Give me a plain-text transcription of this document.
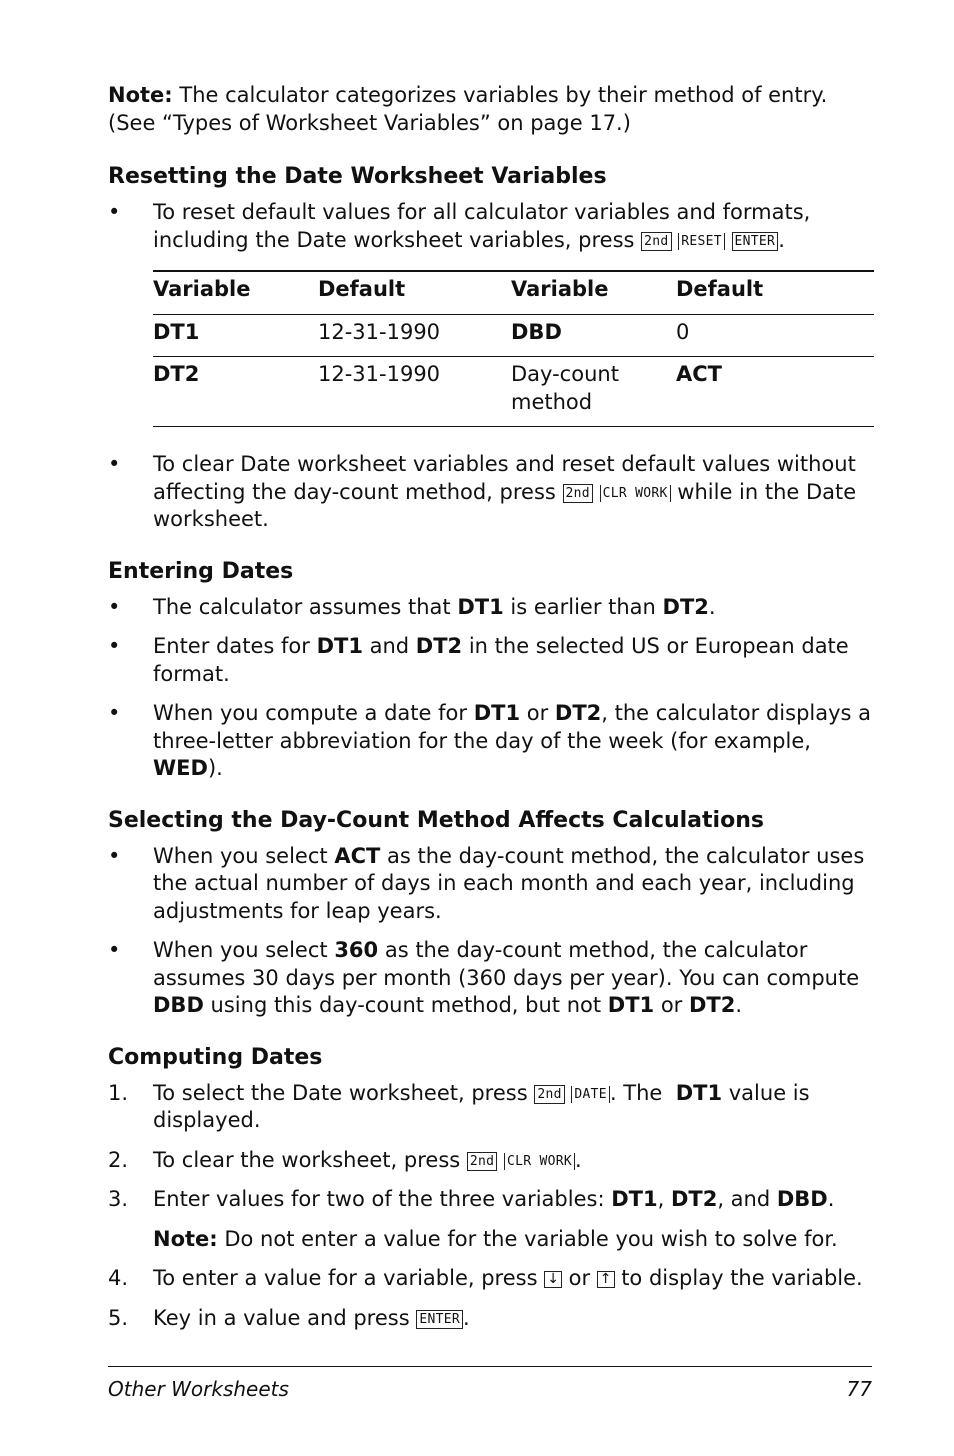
Note: The calculator categorizes variables by their method of entry. (See “Types of Worksheet Variables” on page 17.)

Resetting the Date Worksheet Variables
• To reset default values for all calculator variables and formats, including the Date worksheet variables, press 2nd RESET ENTER .
Variable	Default	Variable	Default
DT1	12-31-1990	DBD	0
DT2	12-31-1990	Day-count method	ACT
• To clear Date worksheet variables and reset default values without affecting the day-count method, press 2nd CLR WORK while in the Date worksheet.
Entering Dates
• The calculator assumes that DT1 is earlier than DT2.
• Enter dates for DT1 and DT2 in the selected US or European date format.
• When you compute a date for DT1 or DT2, the calculator displays a three-letter abbreviation for the day of the week (for example, WED).
Selecting the Day-Count Method Affects Calculations
• When you select ACT as the day-count method, the calculator uses the actual number of days in each month and each year, including adjustments for leap years.
• When you select 360 as the day-count method, the calculator assumes 30 days per month (360 days per year). You can compute DBD using this day-count method, but not DT1 or DT2.
Computing Dates
1. To select the Date worksheet, press 2nd DATE . The  DT1 value is displayed.
2. To clear the worksheet, press 2nd CLR WORK .
3. Enter values for two of the three variables: DT1, DT2, and DBD.

Note: Do not enter a value for the variable you wish to solve for.

4. To enter a value for a variable, press ↓ or ↑ to display the variable.
5. Key in a value and press ENTER .
Other Worksheets	77
